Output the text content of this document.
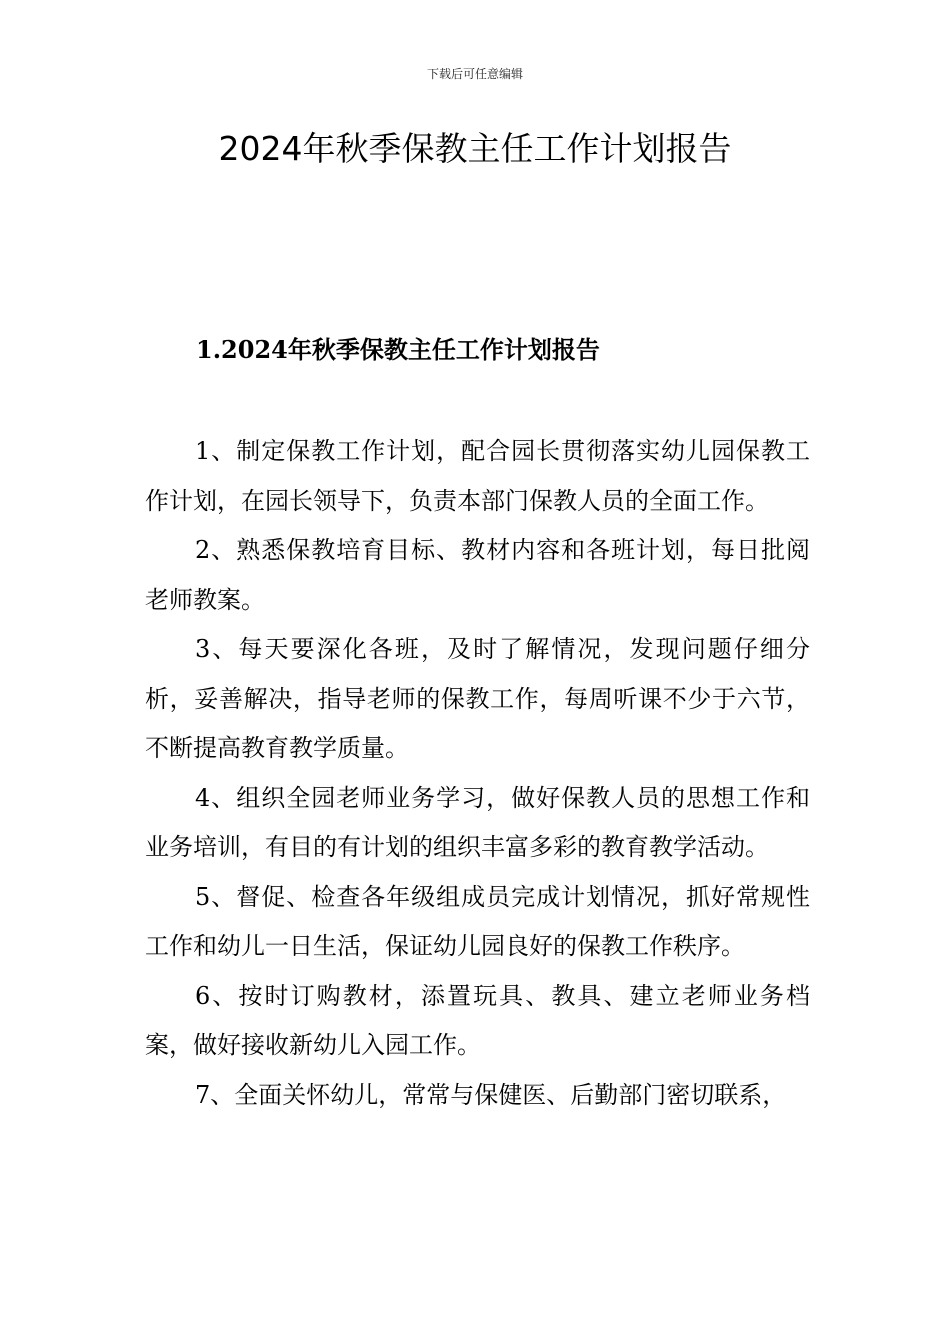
下载后可任意编辑
2024年秋季保教主任工作计划报告
1.2024年秋季保教主任工作计划报告

1、制定保教工作计划，配合园长贯彻落实幼儿园保教工作计划，在园长领导下，负责本部门保教人员的全面工作。

2、熟悉保教培育目标、教材内容和各班计划，每日批阅老师教案。

3、每天要深化各班，及时了解情况，发现问题仔细分析，妥善解决，指导老师的保教工作，每周听课不少于六节，不断提高教育教学质量。

4、组织全园老师业务学习，做好保教人员的思想工作和业务培训，有目的有计划的组织丰富多彩的教育教学活动。

5、督促、检查各年级组成员完成计划情况，抓好常规性工作和幼儿一日生活，保证幼儿园良好的保教工作秩序。

6、按时订购教材，添置玩具、教具、建立老师业务档案，做好接收新幼儿入园工作。

7、全面关怀幼儿，常常与保健医、后勤部门密切联系，
